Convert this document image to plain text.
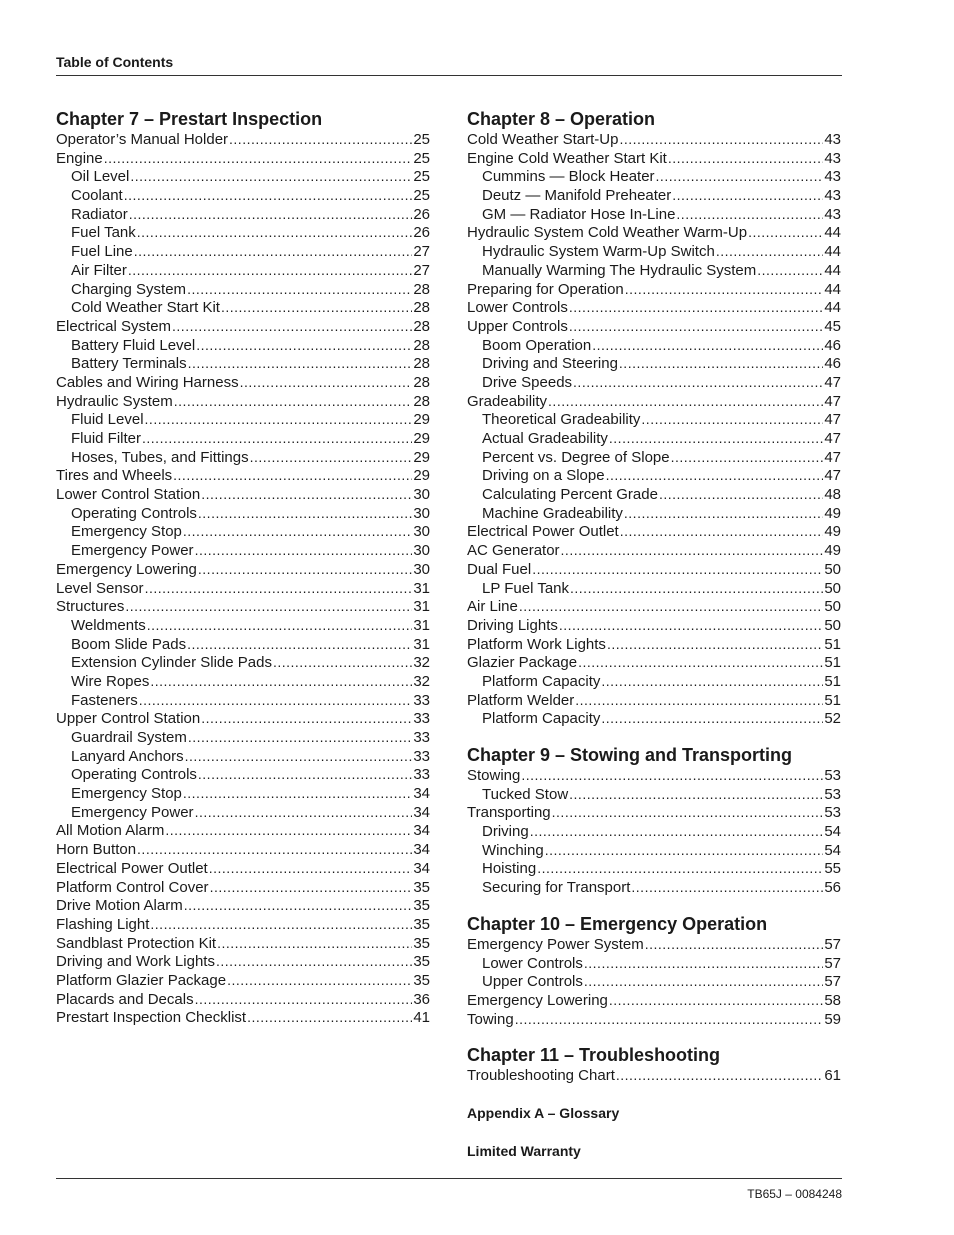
Table of Contents
Chapter 7 – Prestart Inspection
Operator’s Manual Holder .....	25
Engine .....	25
Oil Level .....	25
Coolant .....	25
Radiator .....	26
Fuel Tank .....	26
Fuel Line .....	27
Air Filter .....	27
Charging System .....	28
Cold Weather Start Kit .....	28
Electrical System .....	28
Battery Fluid Level .....	28
Battery Terminals .....	28
Cables and Wiring Harness .....	28
Hydraulic System .....	28
Fluid Level .....	29
Fluid Filter .....	29
Hoses, Tubes, and Fittings .....	29
Tires and Wheels .....	29
Lower Control Station .....	30
Operating Controls .....	30
Emergency Stop .....	30
Emergency Power .....	30
Emergency Lowering .....	30
Level Sensor .....	31
Structures .....	31
Weldments .....	31
Boom Slide Pads .....	31
Extension Cylinder Slide Pads .....	32
Wire Ropes .....	32
Fasteners .....	33
Upper Control Station .....	33
Guardrail System .....	33
Lanyard Anchors .....	33
Operating Controls .....	33
Emergency Stop .....	34
Emergency Power .....	34
All Motion Alarm .....	34
Horn Button .....	34
Electrical Power Outlet .....	34
Platform Control Cover .....	35
Drive Motion Alarm .....	35
Flashing Light .....	35
Sandblast Protection Kit .....	35
Driving and Work Lights .....	35
Platform Glazier Package .....	35
Placards and Decals .....	36
Prestart Inspection Checklist .....	41
Chapter 8 – Operation
Cold Weather Start-Up .....	43
Engine Cold Weather Start Kit .....	43
Cummins — Block Heater .....	43
Deutz — Manifold Preheater .....	43
GM — Radiator Hose In-Line .....	43
Hydraulic System Cold Weather Warm-Up .....	44
Hydraulic System Warm-Up Switch .....	44
Manually Warming The Hydraulic System .....	44
Preparing for Operation .....	44
Lower Controls .....	44
Upper Controls .....	45
Boom Operation .....	46
Driving and Steering .....	46
Drive Speeds .....	47
Gradeability .....	47
Theoretical Gradeability .....	47
Actual Gradeability .....	47
Percent vs. Degree of Slope .....	47
Driving on a Slope .....	47
Calculating Percent Grade .....	48
Machine Gradeability .....	49
Electrical Power Outlet .....	49
AC Generator .....	49
Dual Fuel .....	50
LP Fuel Tank .....	50
Air Line .....	50
Driving Lights .....	50
Platform Work Lights .....	51
Glazier Package .....	51
Platform Capacity .....	51
Platform Welder .....	51
Platform Capacity .....	52
Chapter 9 – Stowing and Transporting
Stowing .....	53
Tucked Stow .....	53
Transporting .....	53
Driving .....	54
Winching .....	54
Hoisting .....	55
Securing for Transport .....	56
Chapter 10 – Emergency Operation
Emergency Power System .....	57
Lower Controls .....	57
Upper Controls .....	57
Emergency Lowering .....	58
Towing .....	59
Chapter 11 – Troubleshooting
Troubleshooting Chart .....	61
Appendix A – Glossary
Limited Warranty
TB65J – 0084248
